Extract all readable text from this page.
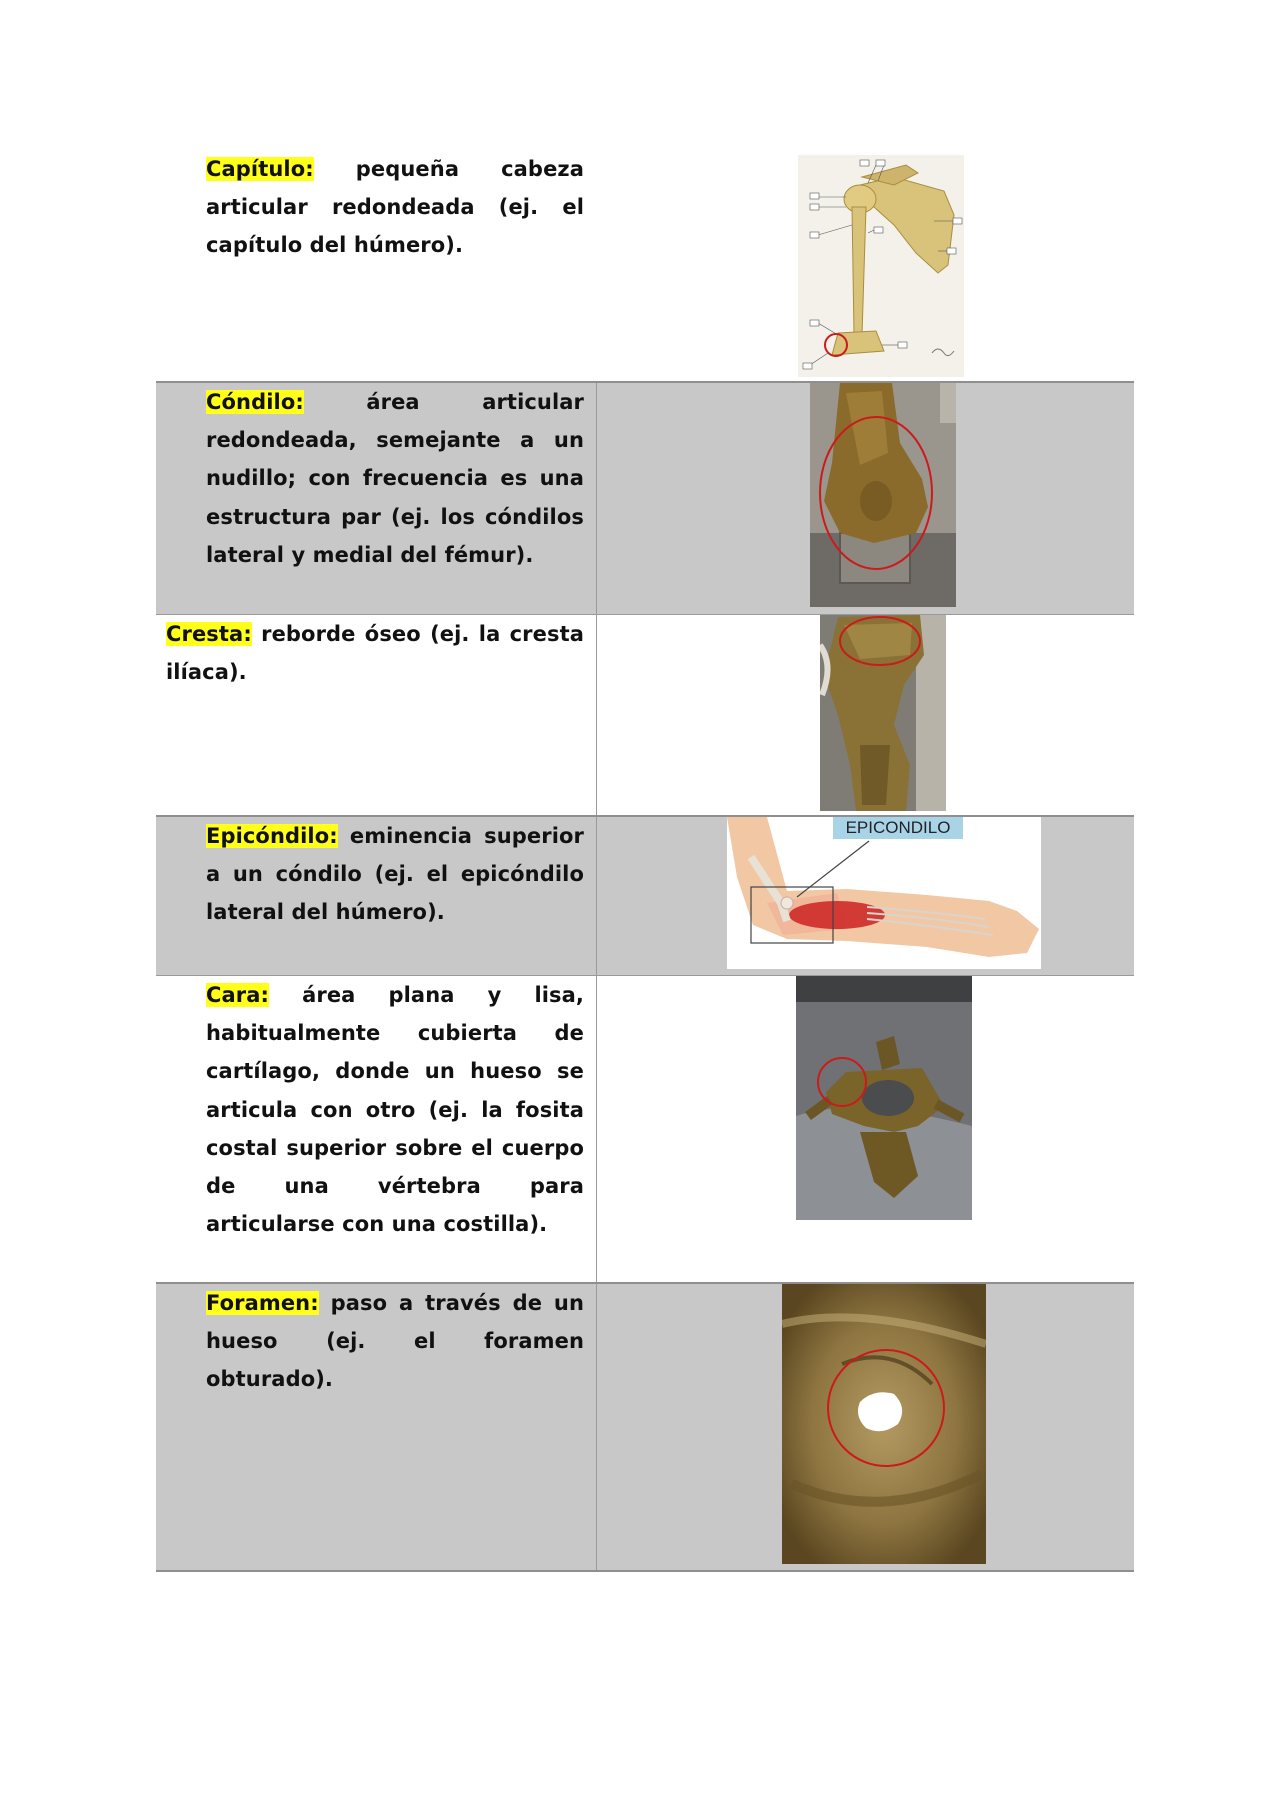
Capítulo: pequeña cabeza articular redondeada (ej. el capítulo del húmero).

Cóndilo: área articular redondeada, semejante a un nudillo; con frecuencia es una estructura par (ej. los cóndilos lateral y medial del fémur).

Cresta: reborde óseo (ej. la cresta ilíaca).

Epicóndilo: eminencia superior a un cóndilo (ej. el epicóndilo lateral del húmero).

EPICONDILO

Cara: área plana y lisa, habitualmente cubierta de cartílago, donde un hueso se articula con otro (ej. la fosita costal superior sobre el cuerpo de una vértebra para articularse con una costilla).

Foramen: paso a través de un hueso (ej. el foramen obturado).
